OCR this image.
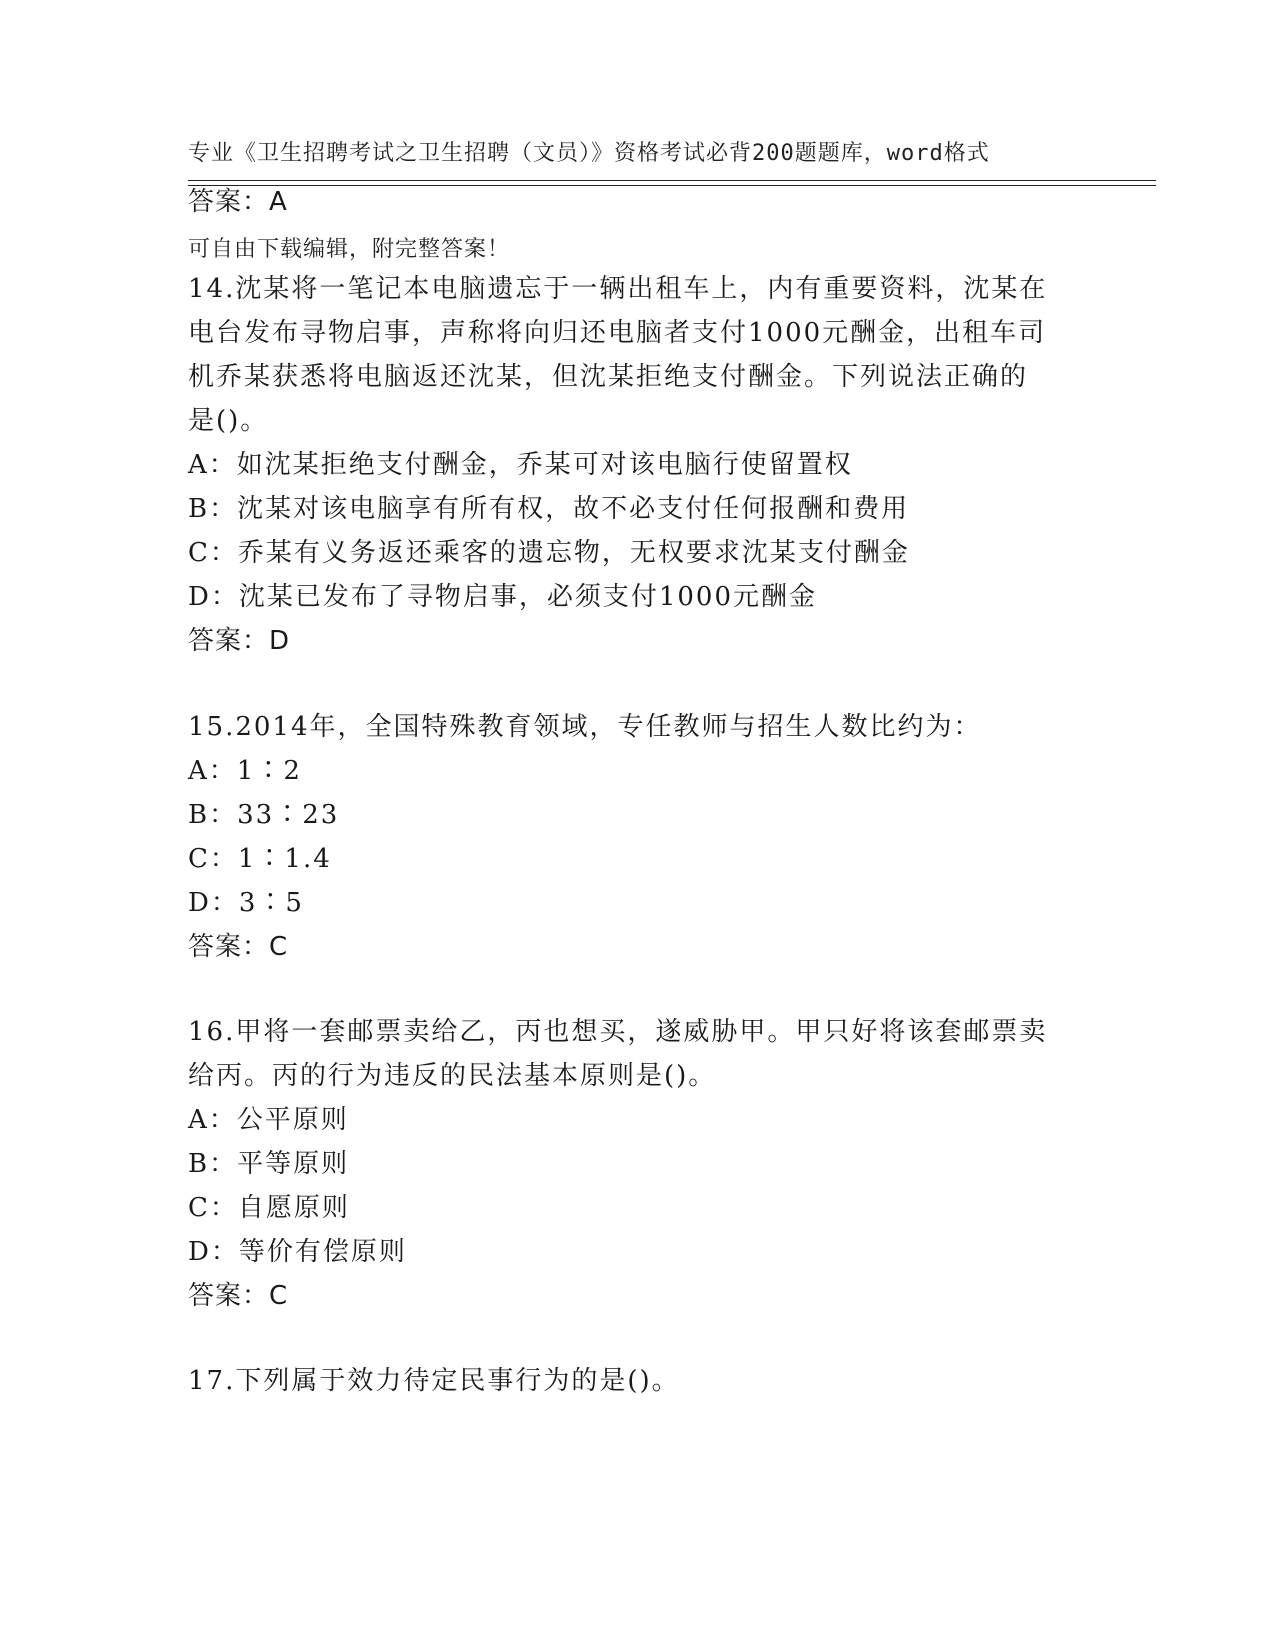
专业《卫生招聘考试之卫生招聘（文员）》资格考试必背200题题库，word格式

可自由下载编辑，附完整答案！

答案：A
14.沈某将一笔记本电脑遗忘于一辆出租车上，内有重要资料，沈某在
电台发布寻物启事，声称将向归还电脑者支付1000元酬金，出租车司
机乔某获悉将电脑返还沈某，但沈某拒绝支付酬金。下列说法正确的
是()。
A：如沈某拒绝支付酬金，乔某可对该电脑行使留置权
B：沈某对该电脑享有所有权，故不必支付任何报酬和费用
C：乔某有义务返还乘客的遗忘物，无权要求沈某支付酬金
D：沈某已发布了寻物启事，必须支付1000元酬金
答案：D
15.2014年，全国特殊教育领域，专任教师与招生人数比约为：
A：1∶2
B：33∶23
C：1∶1.4
D：3∶5
答案：C
16.甲将一套邮票卖给乙，丙也想买，遂威胁甲。甲只好将该套邮票卖
给丙。丙的行为违反的民法基本原则是()。
A：公平原则
B：平等原则
C：自愿原则
D：等价有偿原则
答案：C
17.下列属于效力待定民事行为的是()。
